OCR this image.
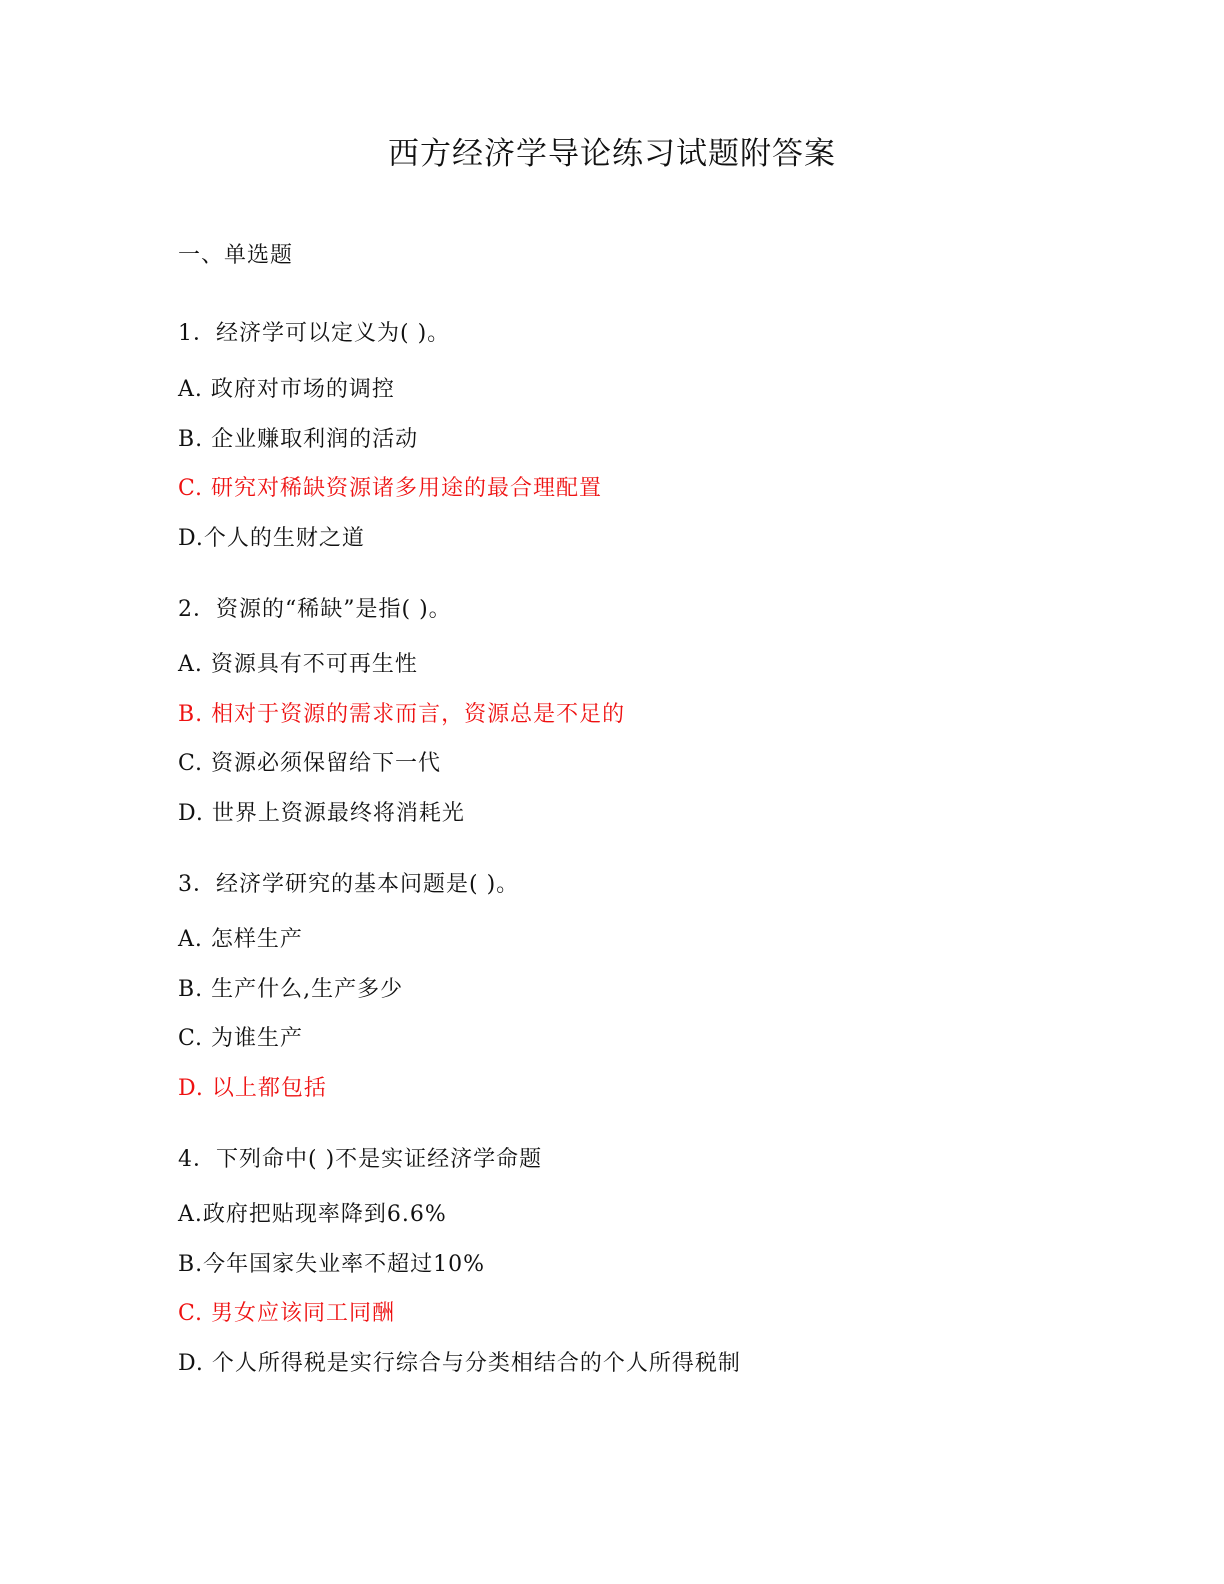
西方经济学导论练习试题附答案
一、单选题
1．经济学可以定义为( )。
A. 政府对市场的调控
B. 企业赚取利润的活动
C. 研究对稀缺资源诸多用途的最合理配置
D.个人的生财之道
2．资源的“稀缺”是指( )。
A. 资源具有不可再生性
B. 相对于资源的需求而言，资源总是不足的
C. 资源必须保留给下一代
D. 世界上资源最终将消耗光
3．经济学研究的基本问题是( )。
A. 怎样生产
B. 生产什么,生产多少
C. 为谁生产
D. 以上都包括
4．下列命中( )不是实证经济学命题
A.政府把贴现率降到6.6%
B.今年国家失业率不超过10%
C. 男女应该同工同酬
D. 个人所得税是实行综合与分类相结合的个人所得税制
